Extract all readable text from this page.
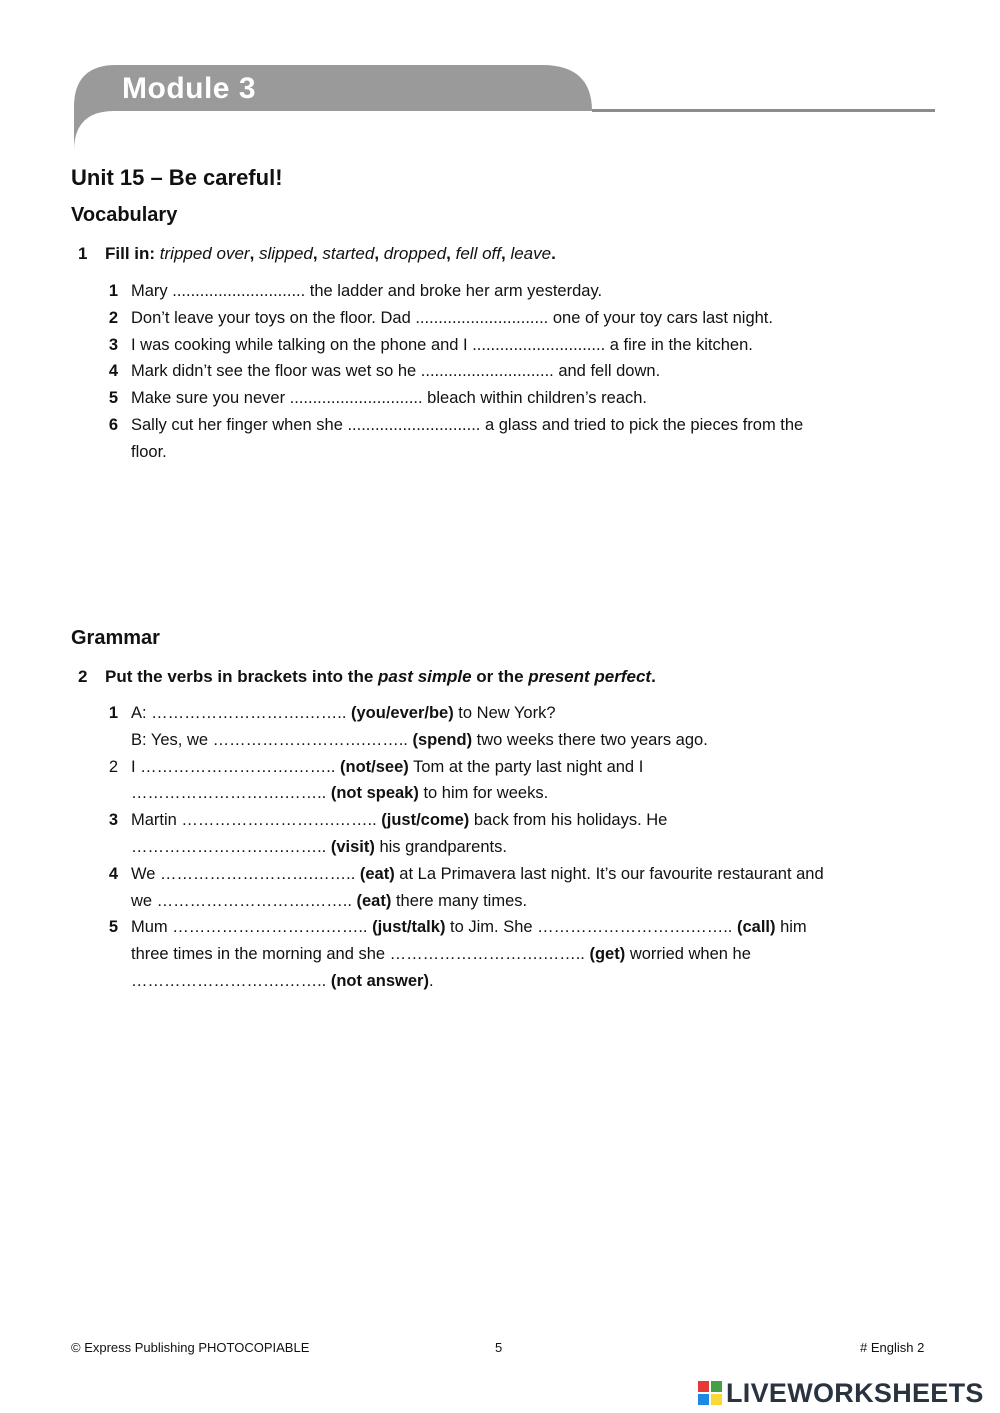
Module 3
Unit 15 – Be careful!
Vocabulary
1 Fill in: tripped over, slipped, started, dropped, fell off, leave.
1 Mary ............................. the ladder and broke her arm yesterday.
2 Don’t leave your toys on the floor. Dad ............................. one of your toy cars last night.
3 I was cooking while talking on the phone and I ............................. a fire in the kitchen.
4 Mark didn’t see the floor was wet so he ............................. and fell down.
5 Make sure you never ............................. bleach within children’s reach.
6 Sally cut her finger when she ............................. a glass and tried to pick the pieces from the
floor.
Grammar
2 Put the verbs in brackets into the past simple or the present perfect.
1 A: ……………………….…….. (you/ever/be) to New York?
B: Yes, we ……………………….…….. (spend) two weeks there two years ago.
2 I ……………………….…….. (not/see) Tom at the party last night and I
……………………….…….. (not speak) to him for weeks.
3 Martin ……………………….…….. (just/come) back from his holidays. He
……………………….…….. (visit) his grandparents.
4 We ……………………….…….. (eat) at La Primavera last night. It’s our favourite restaurant and
we ……………………….…….. (eat) there many times.
5 Mum ……………………….…….. (just/talk) to Jim. She ……………………….…….. (call) him
three times in the morning and she ……………………….…….. (get) worried when he
……………………….…….. (not answer).
© Express Publishing PHOTOCOPIABLE	5	# English 2
LIVEWORKSHEETS
